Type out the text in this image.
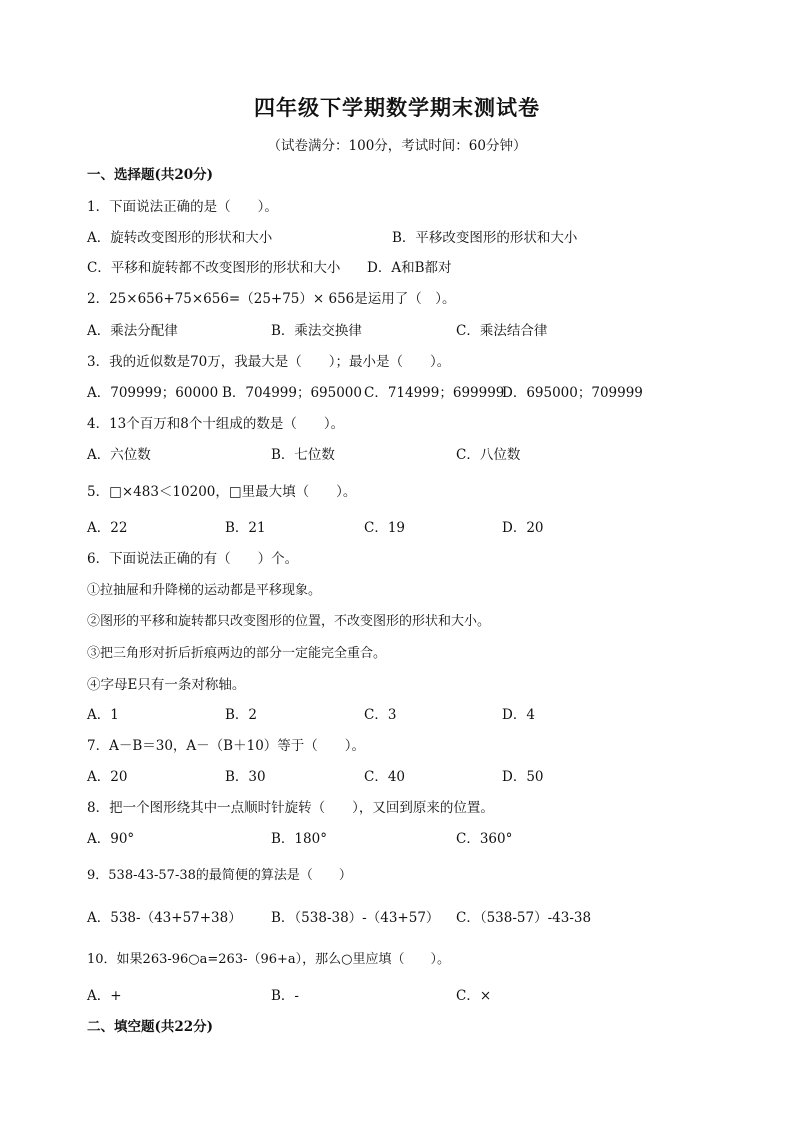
四年级下学期数学期末测试卷
（试卷满分：100分，考试时间：60分钟）
一、选择题(共20分)
1．下面说法正确的是（　　）。
A．旋转改变图形的形状和大小	B．平移改变图形的形状和大小
C．平移和旋转都不改变图形的形状和大小 D．A和B都对
2．25×656+75×656=（25+75）× 656是运用了（　）。
A．乘法分配律	B．乘法交换律	C．乘法结合律
3．我的近似数是70万，我最大是（　　）；最小是（　　）。
A．709999；60000 B．704999；695000 C．714999；699999
D．695000；709999
4．13个百万和8个十组成的数是（　　）。
A．六位数	B．七位数	C．八位数
5．□×483＜10200，□里最大填（　　）。
A．22	B．21	C．19	D．20
6．下面说法正确的有（　　）个。
①拉抽屉和升降梯的运动都是平移现象。
②图形的平移和旋转都只改变图形的位置，不改变图形的形状和大小。
③把三角形对折后折痕两边的部分一定能完全重合。
④字母E只有一条对称轴。
A．1	B．2	C．3	D．4
7．A－B＝30，A－（B＋10）等于（　　）。
A．20	B．30	C．40	D．50
8．把一个图形绕其中一点顺时针旋转（　　），又回到原来的位置。
A．90°	B．180°	C．360°
9．538-43-57-38的最简便的算法是（　　）
A．538-（43+57+38） B．（538-38）-（43+57） C．（538-57）-43-38
10．如果263-96○a=263-（96+a），那么○里应填（　　）。
A．+	B．-	C．×
二、填空题(共22分)
